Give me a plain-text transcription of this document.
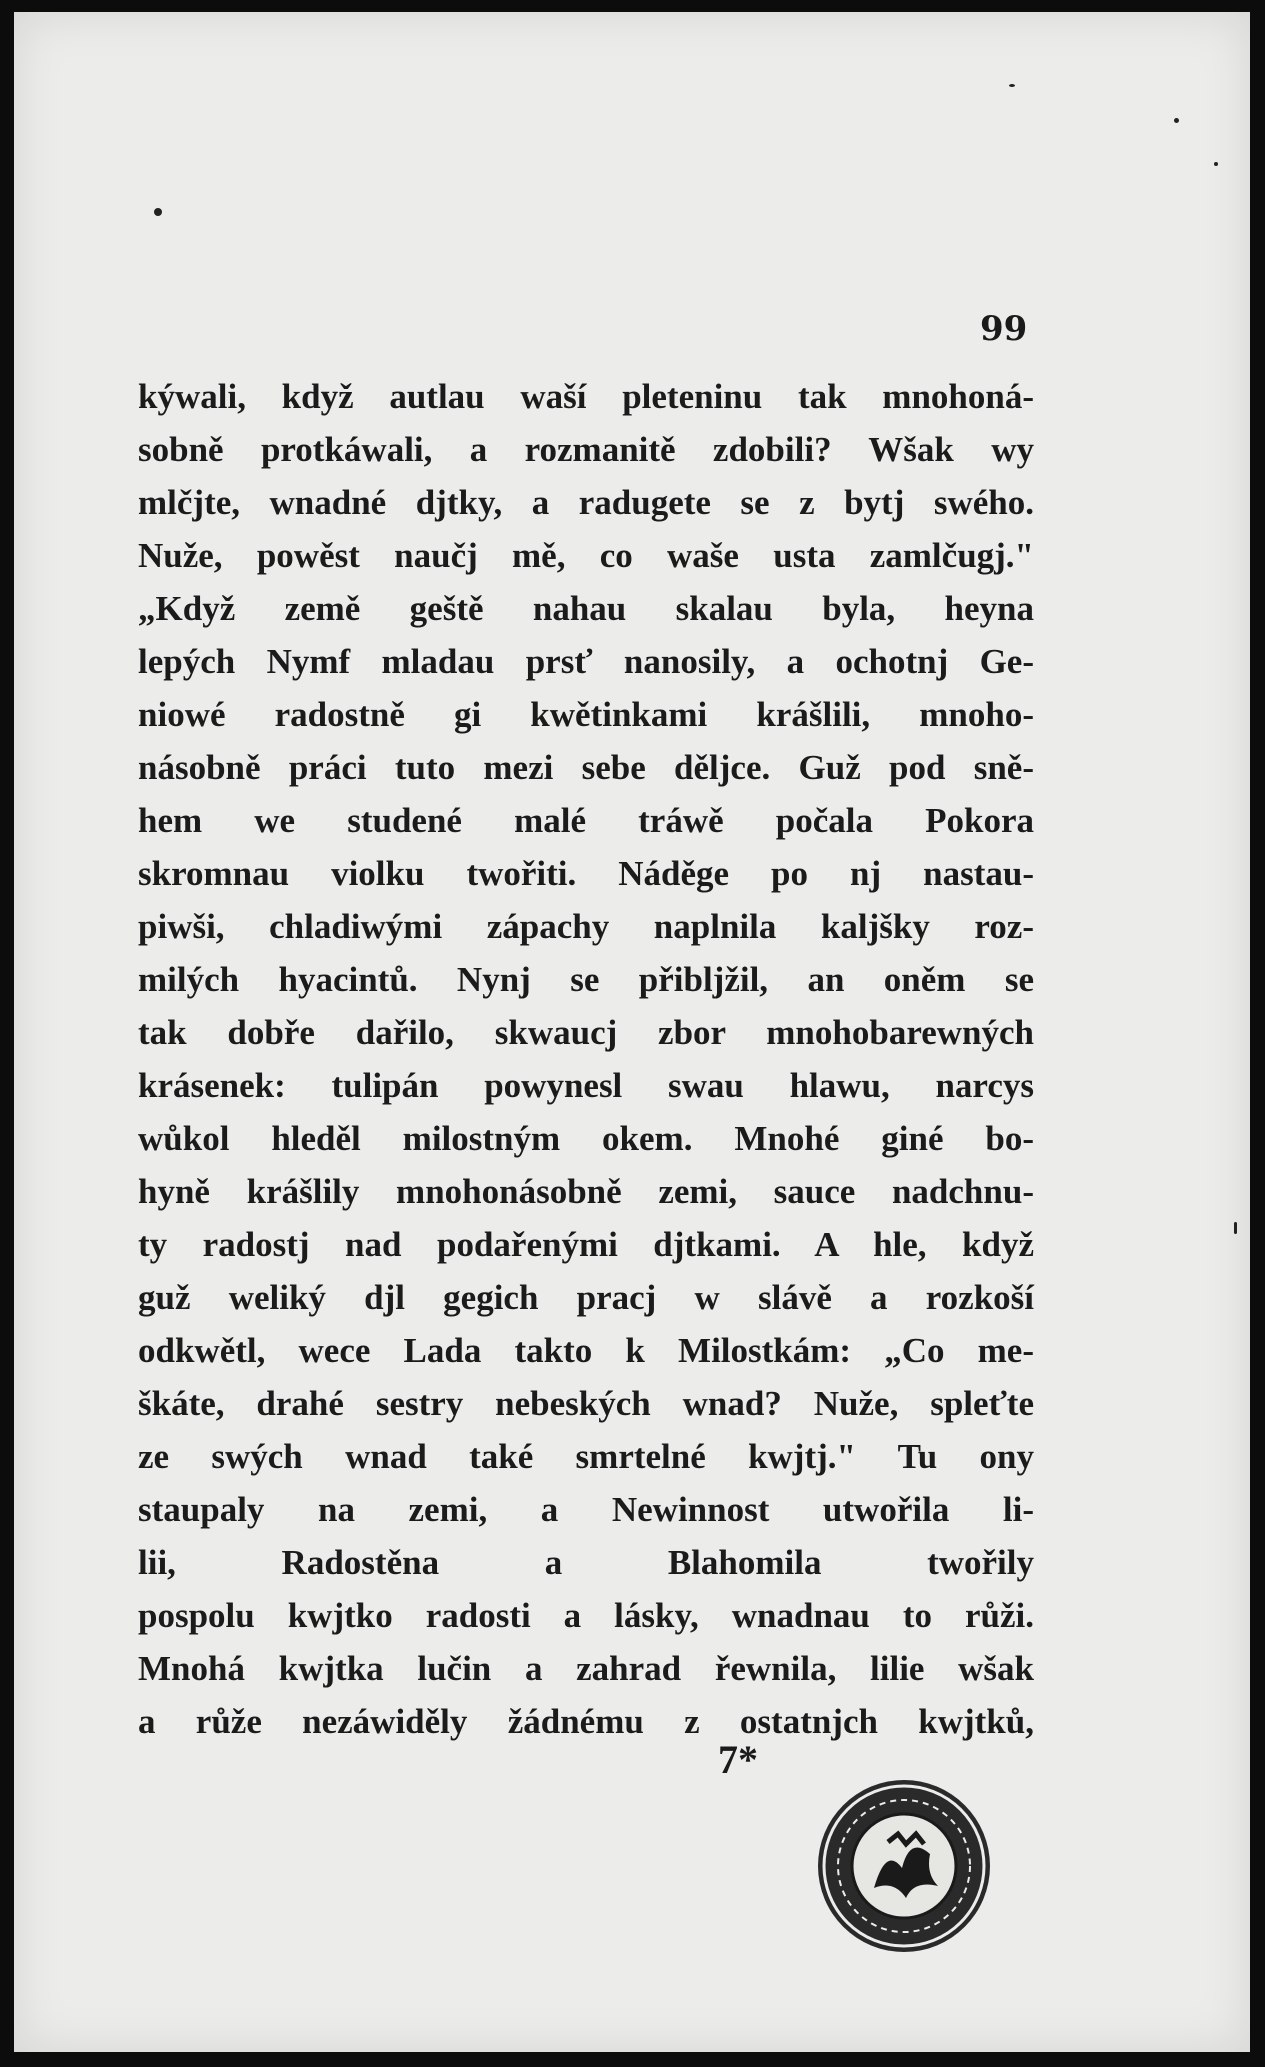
99
kýwali, když autlau waší pleteninu tak mnohoná-
sobně protkáwali, a rozmanitě zdobili? Wšak wy
mlčjte, wnadné djtky, a radugete se z bytj swého.
Nuže, powěst naučj mě, co waše usta zamlčugj."
„Když země geště nahau skalau byla, heyna
lepých Nymf mladau prsť nanosily, a ochotnj Ge-
niowé radostně gi kwětinkami krášlili, mnoho-
násobně práci tuto mezi sebe děljce. Guž pod sně-
hem we studené malé tráwě počala Pokora
skromnau violku twořiti. Náděge po nj nastau-
piwši, chladiwými zápachy naplnila kaljšky roz-
milých hyacintů. Nynj se přibljžil, an oněm se
tak dobře dařilo, skwaucj zbor mnohobarewných
krásenek: tulipán powynesl swau hlawu, narcys
wůkol hleděl milostným okem. Mnohé giné bo-
hyně krášlily mnohonásobně zemi, sauce nadchnu-
ty radostj nad podařenými djtkami. A hle, když
guž weliký djl gegich pracj w slávě a rozkoší
odkwětl, wece Lada takto k Milostkám: „Co me-
škáte, drahé sestry nebeských wnad? Nuže, spleťte
ze swých wnad také smrtelné kwjtj." Tu ony
staupaly na zemi, a Newinnost utwořila li-
lii, Radostěna a Blahomila twořily
pospolu kwjtko radosti a lásky, wnadnau to růži.
Mnohá kwjtka lučin a zahrad řewnila, lilie wšak
a růže nezáwiděly žádnému z ostatnjch kwjtků,
7*
